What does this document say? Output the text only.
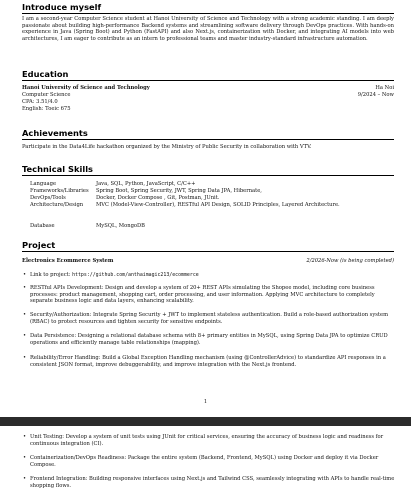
Introduce myself
I am a second-year Computer Science student at Hanoi University of Science and Technology with a strong academic standing. I am deeply passionate about building high-performance Backend systems and streamlining software delivery through DevOps practices. With hands-on experience in Java (Spring Boot) and Python (FastAPI) and also Next.js, containerization with Docker, and integrating AI models into web architectures, I am eager to contribute as an intern to professional teams and master industry-standard infrastructure automation.
Education
Hanoi University of Science and Technology	Ha Noi
Computer Science	9/2024 – Now
CPA: 3.51/4.0
English: Toeic 675
Achievements
Participate in the Data4Life hackathon organized by the Ministry of Public Security in collaboration with VTV.
Technical Skills
Language	Java, SQL, Python, JavaScript, C/C++
Frameworks/Libraries Spring Boot, Spring Security, JWT, Spring Data JPA, Hibernate,
DevOps/Tools	Docker, Docker Compose , Git, Postman, JUnit.
Architecture/Design MVC (Model-View-Controller), RESTful API Design, SOLID Principles, Layered Architecture.
Database	MySQL, MongoDB
Project
Electronics Ecommerce System	2/2026-Now (is being completed)
• Link to project: https://github.com/anthaimagic213/ecommerce
• RESTful APIs Development: Design and develop a system of 20+ REST APIs simulating the Shopee model, including core business processes: product management, shopping cart, order processing, and user information. Applying MVC architecture to completely separate business logic and data layers, enhancing scalability.
• Security/Authorization: Integrate Spring Security + JWT to implement stateless authentication. Build a role-based authorization system (RBAC) to protect resources and tighten security for sensitive endpoints.
• Data Persistence: Designing a relational database schema with 8+ primary entities in MySQL, using Spring Data JPA to optimize CRUD operations and efficiently manage table relationships (mapping).
• Reliability/Error Handling: Build a Global Exception Handling mechanism (using @ControllerAdvice) to standardize API responses in a consistent JSON format, improve debuggerability, and improve integration with the Next.js frontend.
1
• Unit Testing: Develop a system of unit tests using JUnit for critical services, ensuring the accuracy of business logic and readiness for continuous integration (CI).
• Containerization/DevOps Readiness: Package the entire system (Backend, Frontend, MySQL) using Docker and deploy it via Docker Compose.
• Frontend Integration: Building responsive interfaces using Next.js and Tailwind CSS, seamlessly integrating with APIs to handle real-time shopping flows.
